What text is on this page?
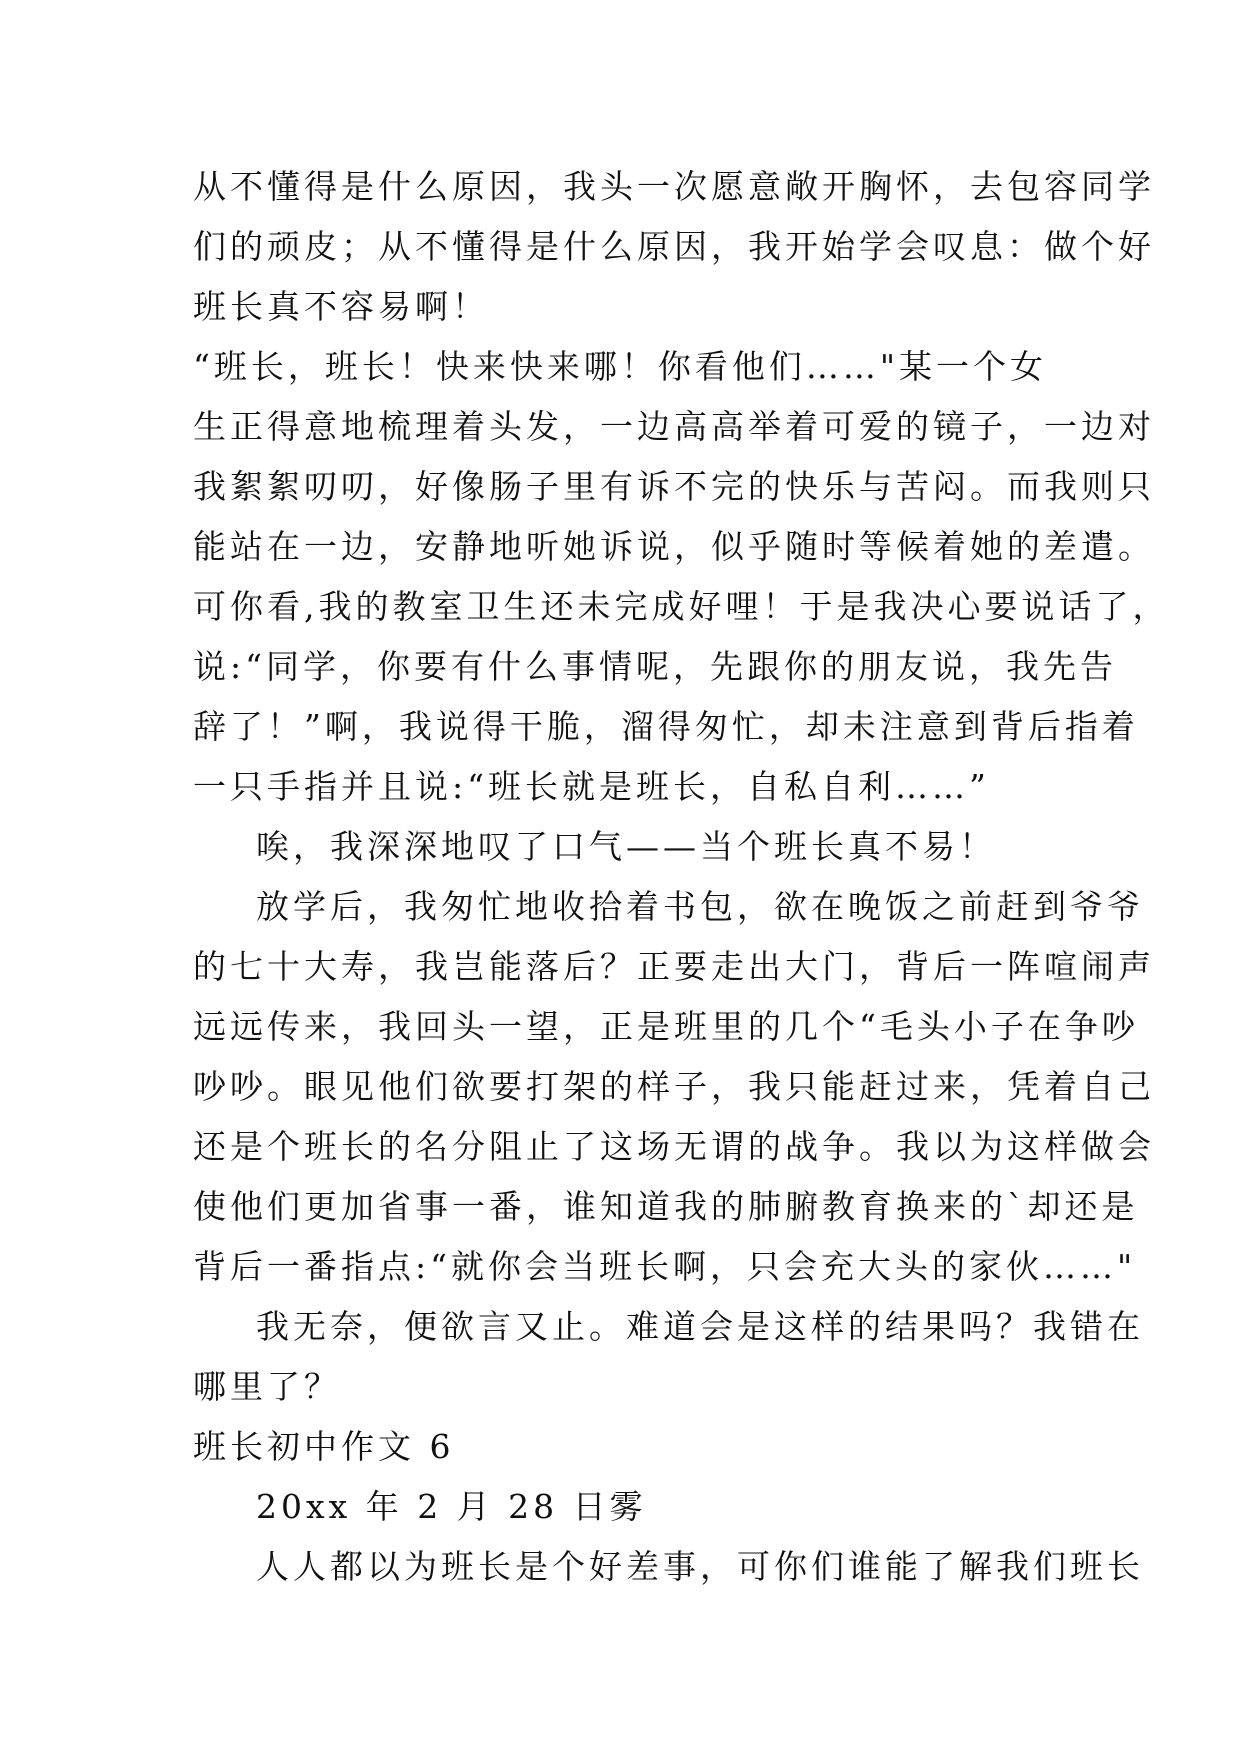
从不懂得是什么原因，我头一次愿意敞开胸怀，去包容同学
们的顽皮；从不懂得是什么原因，我开始学会叹息：做个好
班长真不容易啊！
“班长，班长！快来快来哪！你看他们……"某一个女
生正得意地梳理着头发，一边高高举着可爱的镜子，一边对
我絮絮叨叨，好像肠子里有诉不完的快乐与苦闷。而我则只
能站在一边，安静地听她诉说，似乎随时等候着她的差遣。
可你看,我的教室卫生还未完成好哩！于是我决心要说话了，
说:“同学，你要有什么事情呢，先跟你的朋友说，我先告
辞了！”啊，我说得干脆，溜得匆忙，却未注意到背后指着
一只手指并且说:“班长就是班长，自私自利……”
唉，我深深地叹了口气——当个班长真不易！
放学后，我匆忙地收拾着书包，欲在晚饭之前赶到爷爷
的七十大寿，我岂能落后？正要走出大门，背后一阵喧闹声
远远传来，我回头一望，正是班里的几个“毛头小子在争吵
吵吵。眼见他们欲要打架的样子，我只能赶过来，凭着自己
还是个班长的名分阻止了这场无谓的战争。我以为这样做会
使他们更加省事一番，谁知道我的肺腑教育换来的`却还是
背后一番指点:“就你会当班长啊，只会充大头的家伙……"
我无奈，便欲言又止。难道会是这样的结果吗？我错在
哪里了？
班长初中作文 6
20xx 年 2 月 28 日雾
人人都以为班长是个好差事，可你们谁能了解我们班长
